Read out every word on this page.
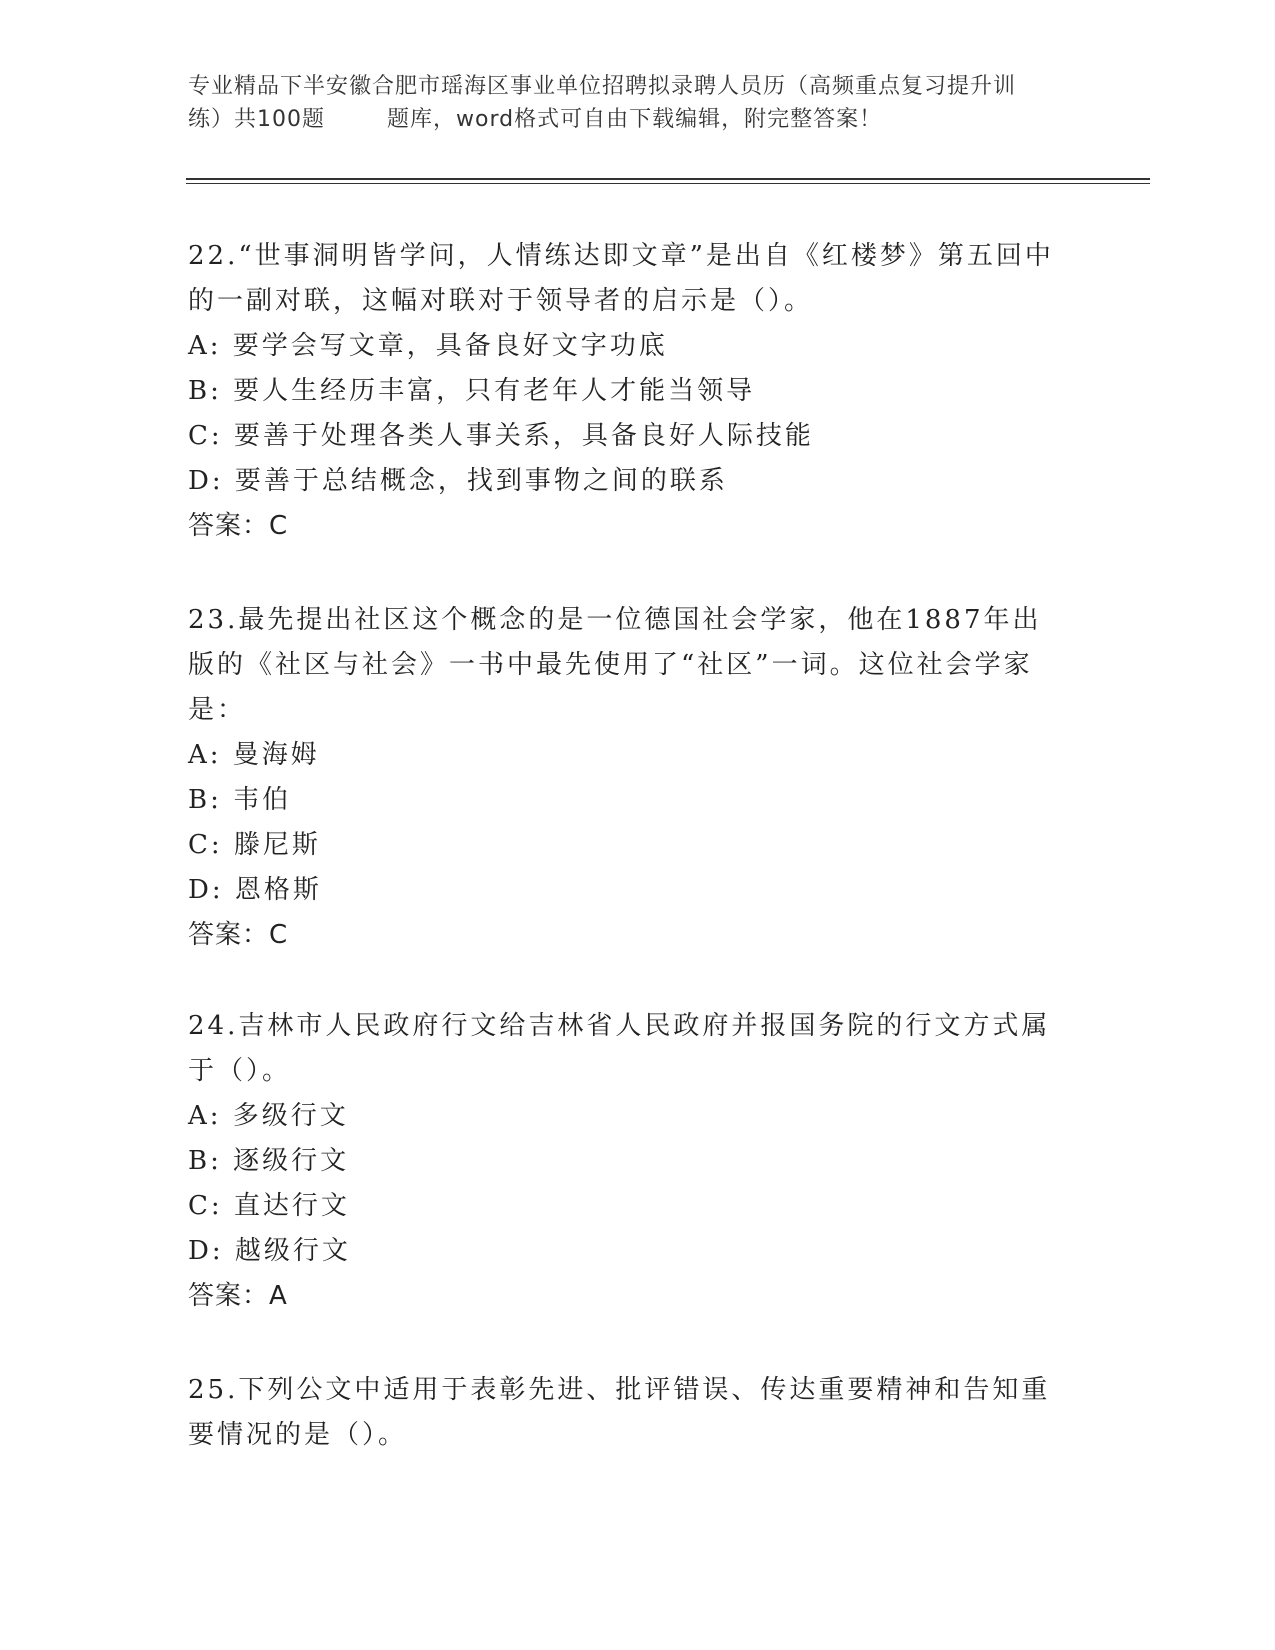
专业精品下半安徽合肥市瑶海区事业单位招聘拟录聘人员历（高频重点复习提升训
练）共100题	题库，word格式可自由下载编辑，附完整答案！
22.“世事洞明皆学问，人情练达即文章”是出自《红楼梦》第五回中的一副对联，这幅对联对于领导者的启示是（）。
A: 要学会写文章，具备良好文字功底
B: 要人生经历丰富，只有老年人才能当领导
C: 要善于处理各类人事关系，具备良好人际技能
D: 要善于总结概念，找到事物之间的联系
答案：C
23.最先提出社区这个概念的是一位德国社会学家，他在1887年出版的《社区与社会》一书中最先使用了“社区”一词。这位社会学家是：
A: 曼海姆
B: 韦伯
C: 滕尼斯
D: 恩格斯
答案：C
24.吉林市人民政府行文给吉林省人民政府并报国务院的行文方式属于（）。
A: 多级行文
B: 逐级行文
C: 直达行文
D: 越级行文
答案：A
25.下列公文中适用于表彰先进、批评错误、传达重要精神和告知重要情况的是（）。
